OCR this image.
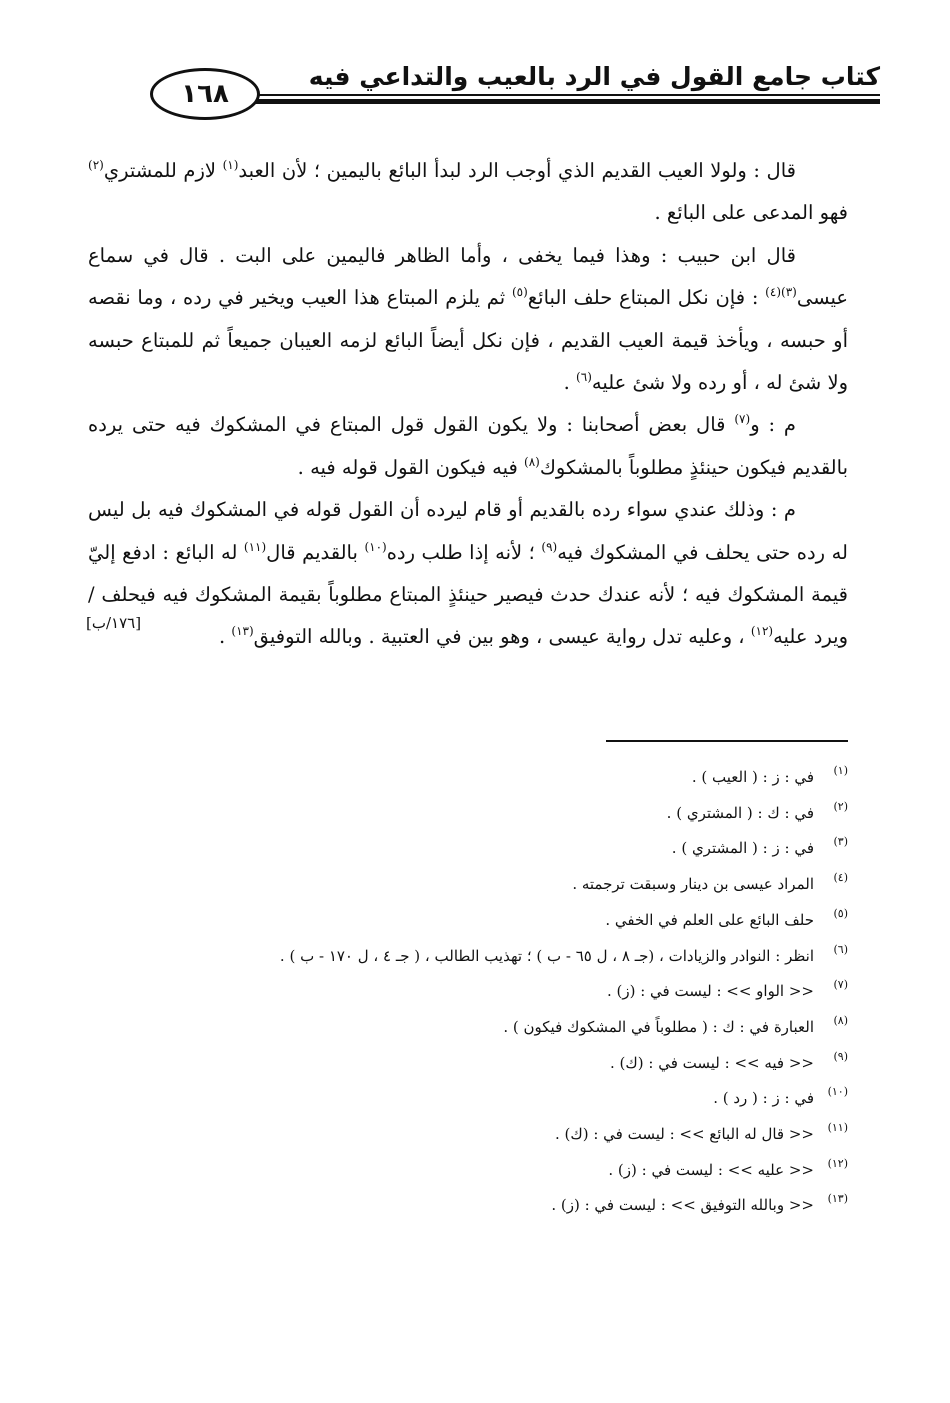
١٦٨
كتاب جامع القول في الرد بالعيب والتداعي فيه

قال : ولولا العيب القديم الذي أوجب الرد لبدأ البائع باليمين ؛ لأن العبد$^{(١)}$ لازم للمشتري$^{(٢)}$ فهو المدعى على البائع .

قال ابن حبيب : وهذا فيما يخفى ، وأما الظاهر فاليمين على البت . قال في سماع عيسى$^{(٣)(٤)}$ : فإن نكل المبتاع حلف البائع$^{(٥)}$ ثم يلزم المبتاع هذا العيب ويخير في رده ، وما نقصه أو حبسه ، ويأخذ قيمة العيب القديم ، فإن نكل أيضاً البائع لزمه العيبان جميعاً ثم للمبتاع حبسه ولا شئ له ، أو رده ولا شئ عليه$^{(٦)}$ .

م : و$^{(٧)}$ قال بعض أصحابنا : ولا يكون القول قول المبتاع في المشكوك فيه حتى يرده بالقديم فيكون حينئذٍ مطلوباً بالمشكوك$^{(٨)}$ فيه فيكون القول قوله فيه .

م : وذلك عندي سواء رده بالقديم أو قام ليرده أن القول قوله في المشكوك فيه بل ليس له رده حتى يحلف في المشكوك فيه$^{(٩)}$ ؛ لأنه إذا طلب رده$^{(١٠)}$ بالقديم قال$^{(١١)}$ له البائع : ادفع إليّ قيمة المشكوك فيه ؛ لأنه عندك حدث فيصير حينئذٍ المبتاع مطلوباً بقيمة المشكوك فيه فيحلف / ويرد عليه$^{(١٢)}$ ، وعليه تدل رواية عيسى ، وهو بين في العتبية . وبالله التوفيق$^{(١٣)}$ .

[١٧٦/ب]
(١)
في : ز : ( العيب ) .
(٢)
في : ك : ( المشتري ) .
(٣)
في : ز : ( المشتري ) .
(٤)
المراد عيسى بن دينار وسبقت ترجمته .
(٥)
حلف البائع على العلم في الخفي .
(٦)
انظر : النوادر والزيادات ، (جـ ٨ ، ل ٦٥ - ب ) ؛ تهذيب الطالب ، ( جـ ٤ ، ل ١٧٠ - ب ) .
(٧)
<< الواو >> : ليست في : (ز) .
(٨)
العبارة في : ك : ( مطلوباً في المشكوك فيكون ) .
(٩)
<< فيه >> : ليست في : (ك) .
(١٠)
في : ز : ( رد ) .
(١١)
<< قال له البائع >> : ليست في : (ك) .
(١٢)
<< عليه >> : ليست في : (ز) .
(١٣)
<< وبالله التوفيق >> : ليست في : (ز) .
